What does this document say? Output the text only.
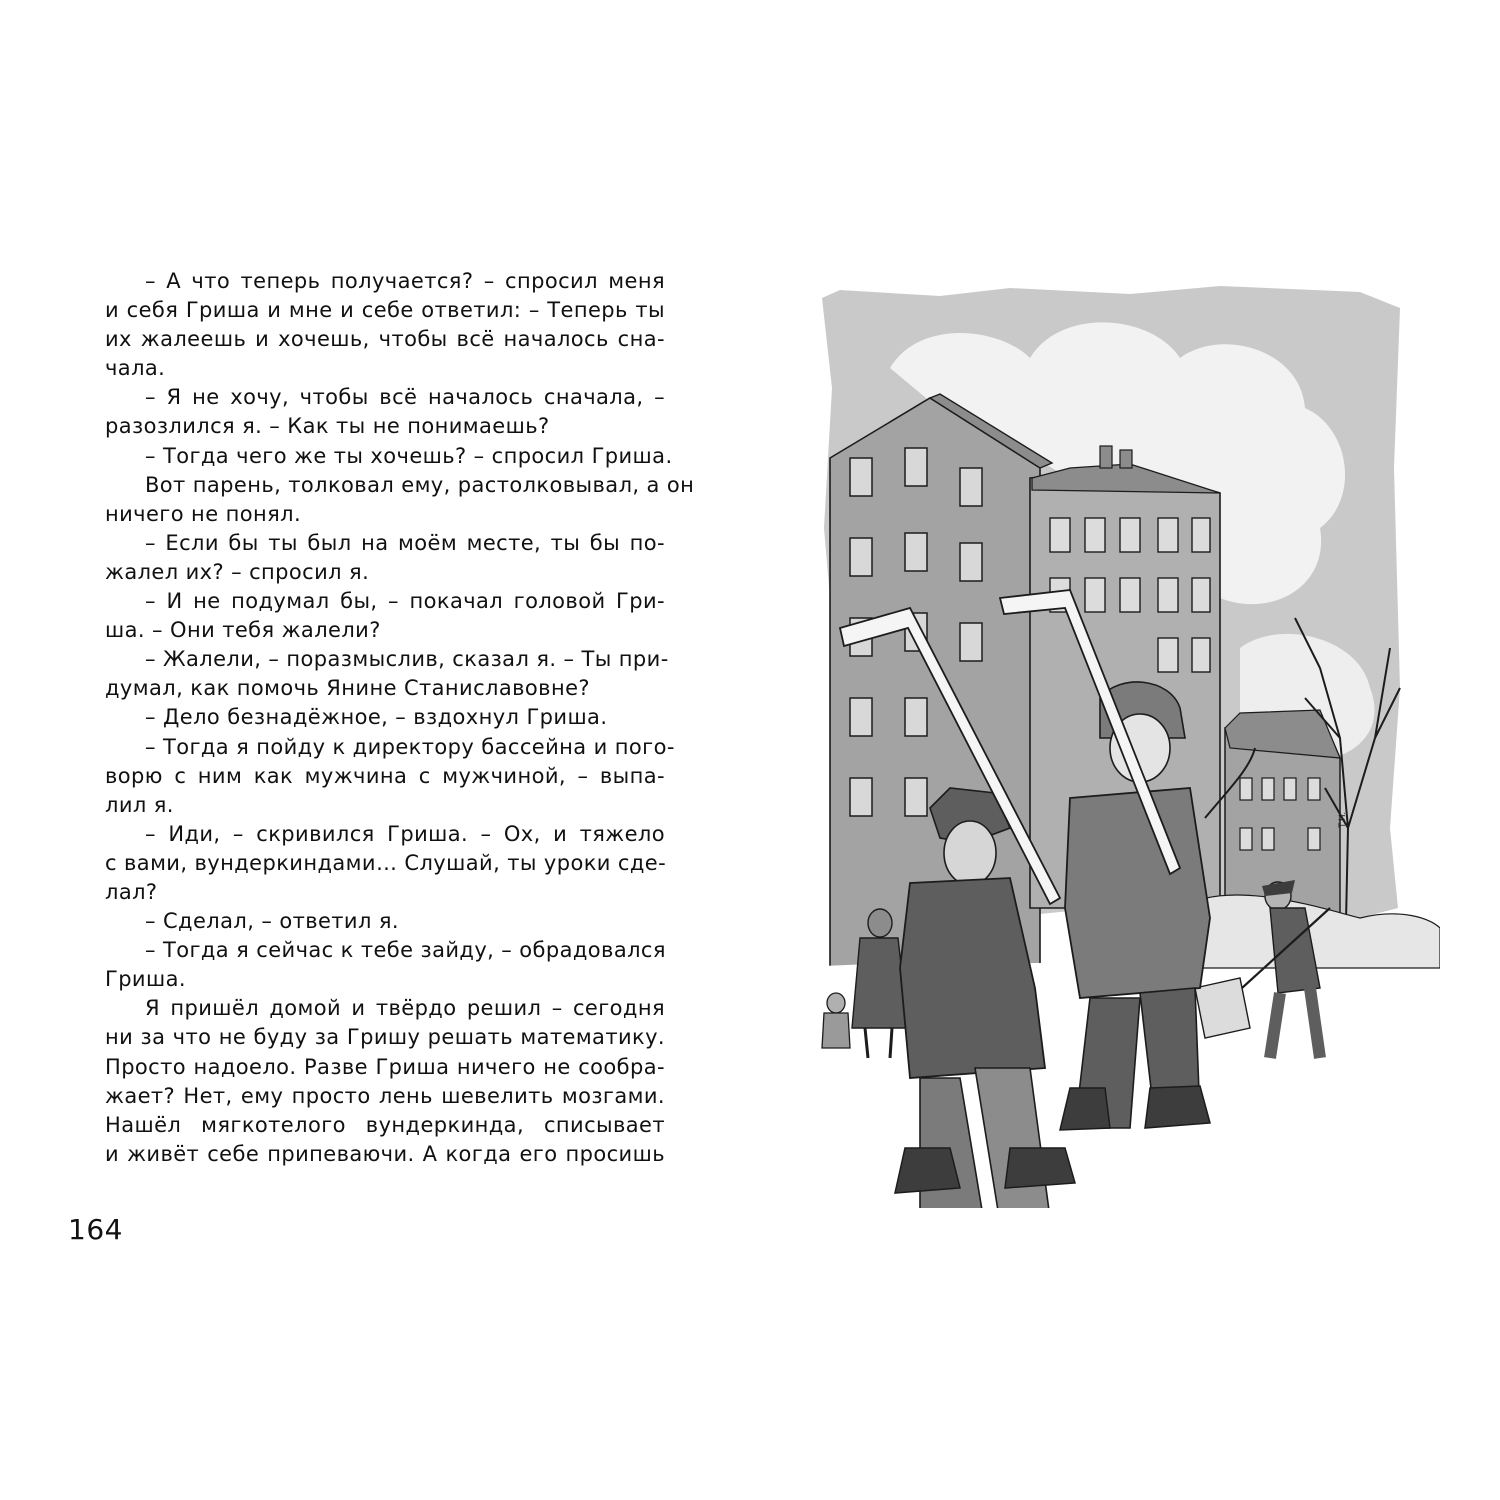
– А что теперь получается? – спросил меня
и себя Гриша и мне и себе ответил: – Теперь ты
их жалеешь и хочешь, чтобы всё началось сна-
чала.
– Я не хочу, чтобы всё началось сначала, –
разозлился я. – Как ты не понимаешь?
– Тогда чего же ты хочешь? – спросил Гриша.
Вот парень, толковал ему, растолковывал, а он
ничего не понял.
– Если бы ты был на моём месте, ты бы по-
жалел их? – спросил я.
– И не подумал бы, – покачал головой Гри-
ша. – Они тебя жалели?
– Жалели, – поразмыслив, сказал я. – Ты при-
думал, как помочь Янине Станиславовне?
– Дело безнадёжное, – вздохнул Гриша.
– Тогда я пойду к директору бассейна и пого-
ворю с ним как мужчина с мужчиной, – выпа-
лил я.
– Иди, – скривился Гриша. – Ох, и тяжело
с вами, вундеркиндами… Слушай, ты уроки сде-
лал?
– Сделал, – ответил я.
– Тогда я сейчас к тебе зайду, – обрадовался
Гриша.
Я пришёл домой и твёрдо решил – сегодня
ни за что не буду за Гришу решать математику.
Просто надоело. Разве Гриша ничего не сообра-
жает? Нет, ему просто лень шевелить мозгами.
Нашёл мягкотелого вундеркинда, списывает
и живёт себе припеваючи. А когда его просишь
164
Т.Н.
